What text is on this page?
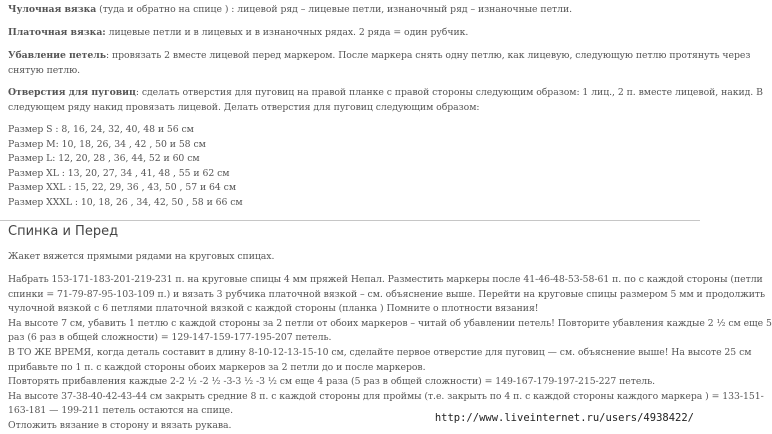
Чулочная вязка (туда и обратно на спице ) : лицевой ряд – лицевые петли, изнаночный ряд – изнаночные петли.

Платочная вязка: лицевые петли и в лицевых и в изнаночных рядах. 2 ряда = один рубчик.

Убавление петель: провязать 2 вместе лицевой перед маркером. После маркера снять одну петлю, как лицевую, следующую петлю протянуть через
снятую петлю.

Отверстия для пуговиц: сделать отверстия для пуговиц на правой планке с правой стороны следующим образом: 1 лиц., 2 п. вместе лицевой, накид. В
следующем ряду накид провязать лицевой. Делать отверстия для пуговиц следующим образом:

Размер S : 8, 16, 24, 32, 40, 48 и 56 см
Размер M: 10, 18, 26, 34 , 42 , 50 и 58 см
Размер L: 12, 20, 28 , 36, 44, 52 и 60 см
Размер XL : 13, 20, 27, 34 , 41, 48 , 55 и 62 см
Размер XXL : 15, 22, 29, 36 , 43, 50 , 57 и 64 см
Размер XXXL : 10, 18, 26 , 34, 42, 50 , 58 и 66 см

Спинка и Перед

Жакет вяжется прямыми рядами на круговых спицах.

Набрать 153-171-183-201-219-231 п. на круговые спицы 4 мм пряжей Непал. Разместить маркеры после 41-46-48-53-58-61 п. по с каждой стороны (петли
спинки = 71-79-87-95-103-109 п.) и вязать 3 рубчика платочной вязкой – см. объяснение выше. Перейти на круговые спицы размером 5 мм и продолжить
чулочной вязкой с 6 петлями платочной вязкой с каждой стороны (планка ) Помните о плотности вязания!
На высоте 7 см, убавить 1 петлю с каждой стороны за 2 петли от обоих маркеров – читай об убавлении петель! Повторите убавления каждые 2 ½ см еще 5
раз (6 раз в общей сложности) = 129-147-159-177-195-207 петель.
В ТО ЖЕ ВРЕМЯ, когда деталь составит в длину 8-10-12-13-15-10 см, сделайте первое отверстие для пуговиц — см. объяснение выше! На высоте 25 см
прибавьте по 1 п. с каждой стороны обоих маркеров за 2 петли до и после маркеров.
Повторять прибавления каждые 2-2 ½ -2 ½ -3-3 ½ -3 ½ см еще 4 раза (5 раз в общей сложности) = 149-167-179-197-215-227 петель.
На высоте 37-38-40-42-43-44 см закрыть средние 8 п. с каждой стороны для проймы (т.е. закрыть по 4 п. с каждой стороны каждого маркера ) = 133-151-
163-181 — 199-211 петель остаются на спице.
Отложить вязание в сторону и вязать рукава.

http://www.liveinternet.ru/users/4938422/
